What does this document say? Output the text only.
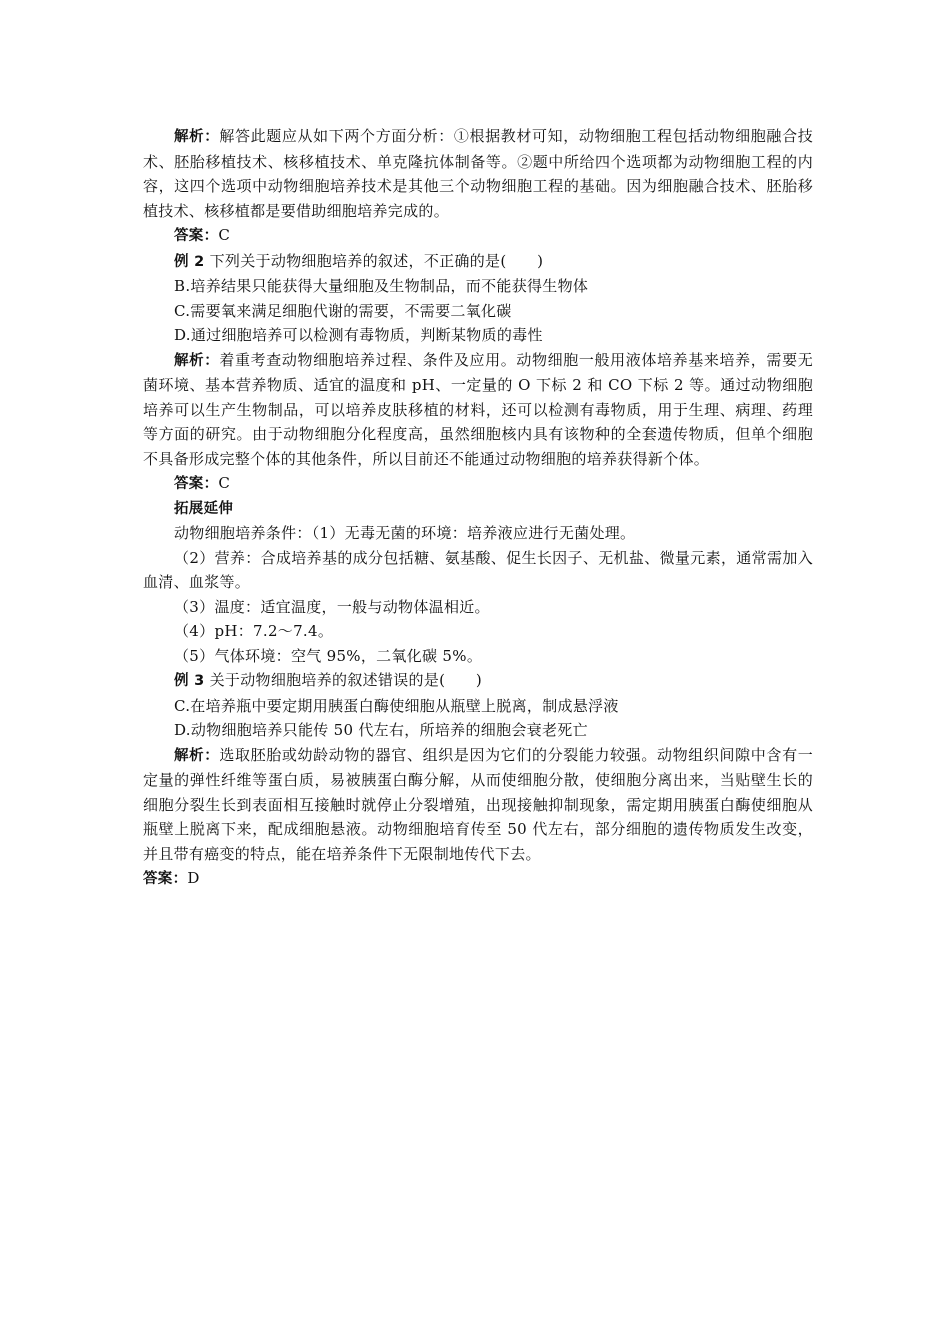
解析：解答此题应从如下两个方面分析：①根据教材可知，动物细胞工程包括动物细胞融合技术、胚胎移植技术、核移植技术、单克隆抗体制备等。②题中所给四个选项都为动物细胞工程的内容，这四个选项中动物细胞培养技术是其他三个动物细胞工程的基础。因为细胞融合技术、胚胎移植技术、核移植都是要借助细胞培养完成的。

答案：C

例 2 下列关于动物细胞培养的叙述，不正确的是(　　)

B.培养结果只能获得大量细胞及生物制品，而不能获得生物体

C.需要氧来满足细胞代谢的需要，不需要二氧化碳

D.通过细胞培养可以检测有毒物质，判断某物质的毒性

解析：着重考查动物细胞培养过程、条件及应用。动物细胞一般用液体培养基来培养，需要无菌环境、基本营养物质、适宜的温度和 pH、一定量的 O 下标 2 和 CO 下标 2 等。通过动物细胞培养可以生产生物制品，可以培养皮肤移植的材料，还可以检测有毒物质，用于生理、病理、药理等方面的研究。由于动物细胞分化程度高，虽然细胞核内具有该物种的全套遗传物质，但单个细胞不具备形成完整个体的其他条件，所以目前还不能通过动物细胞的培养获得新个体。

答案：C

拓展延伸

动物细胞培养条件：（1）无毒无菌的环境：培养液应进行无菌处理。

（2）营养：合成培养基的成分包括糖、氨基酸、促生长因子、无机盐、微量元素，通常需加入血清、血浆等。

（3）温度：适宜温度，一般与动物体温相近。

（4）pH：7.2～7.4。

（5）气体环境：空气 95%，二氧化碳 5%。

例 3 关于动物细胞培养的叙述错误的是(　　)

C.在培养瓶中要定期用胰蛋白酶使细胞从瓶壁上脱离，制成悬浮液

D.动物细胞培养只能传 50 代左右，所培养的细胞会衰老死亡

解析：选取胚胎或幼龄动物的器官、组织是因为它们的分裂能力较强。动物组织间隙中含有一定量的弹性纤维等蛋白质，易被胰蛋白酶分解，从而使细胞分散，使细胞分离出来，当贴壁生长的细胞分裂生长到表面相互接触时就停止分裂增殖，出现接触抑制现象，需定期用胰蛋白酶使细胞从瓶壁上脱离下来，配成细胞悬液。动物细胞培育传至 50 代左右，部分细胞的遗传物质发生改变，并且带有癌变的特点，能在培养条件下无限制地传代下去。

答案：D
